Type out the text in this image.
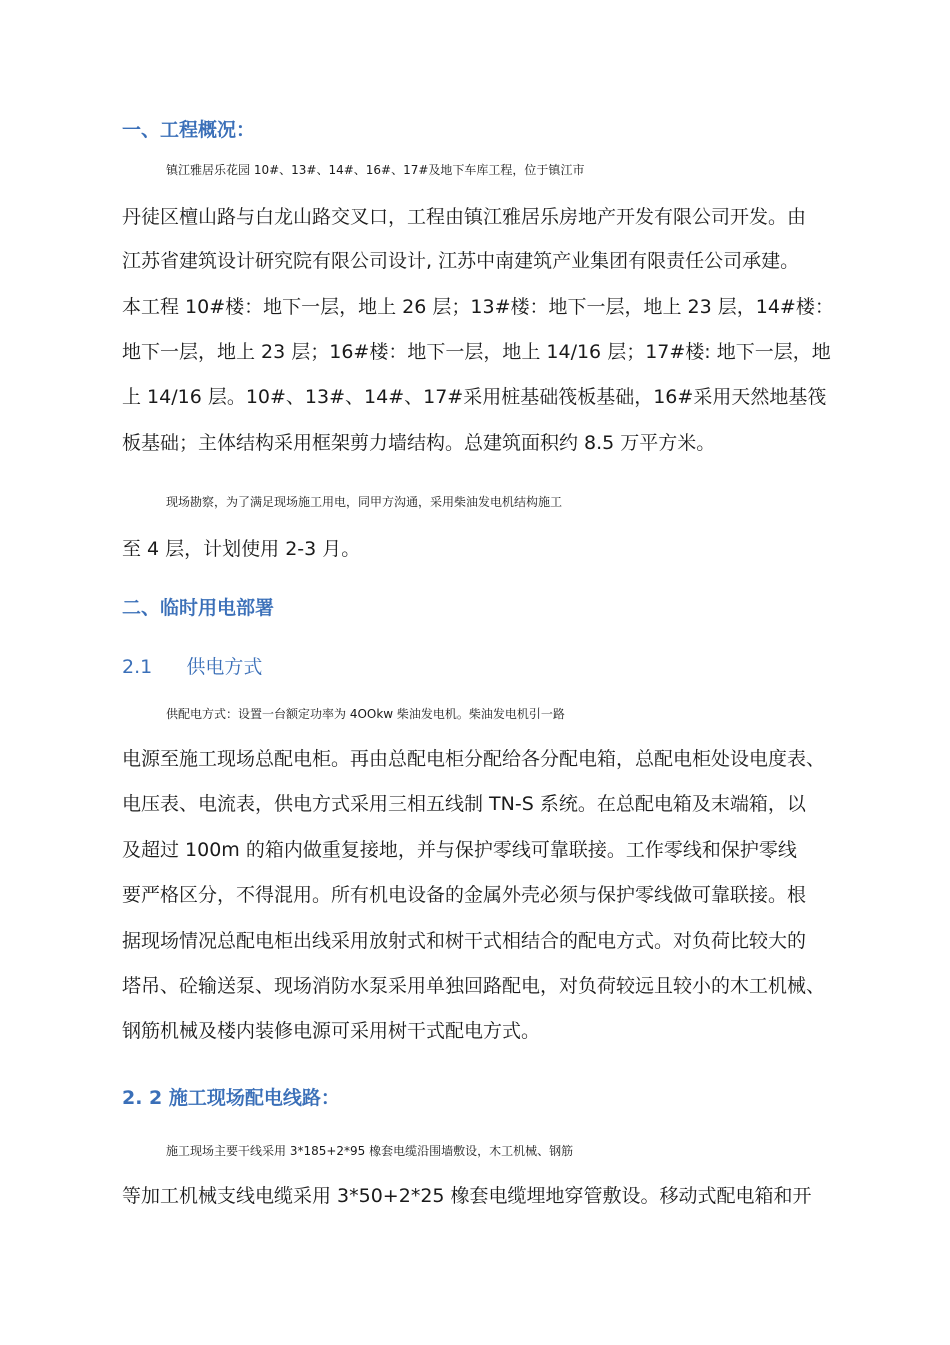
一、工程概况：
镇江雅居乐花园 10#、13#、14#、16#、17#及地下车库工程，位于镇江市
丹徒区檀山路与白龙山路交叉口，工程由镇江雅居乐房地产开发有限公司开发。由
江苏省建筑设计研究院有限公司设计, 江苏中南建筑产业集团有限责任公司承建。
本工程 10#楼：地下一层，地上 26 层；13#楼：地下一层，地上 23 层，14#楼：
地下一层，地上 23 层；16#楼：地下一层，地上 14/16 层；17#楼: 地下一层，地
上 14/16 层。10#、13#、14#、17#采用桩基础筏板基础，16#采用天然地基筏
板基础；主体结构采用框架剪力墙结构。总建筑面积约 8.5 万平方米。
现场勘察，为了满足现场施工用电，同甲方沟通，采用柴油发电机结构施工
至 4 层，计划使用 2-3 月。
二、临时用电部署
2.1 供电方式
供配电方式：设置一台额定功率为 4OOkw 柴油发电机。柴油发电机引一路
电源至施工现场总配电柜。再由总配电柜分配给各分配电箱，总配电柜处设电度表、
电压表、电流表，供电方式采用三相五线制 TN-S 系统。在总配电箱及末端箱，以
及超过 100m 的箱内做重复接地，并与保护零线可靠联接。工作零线和保护零线
要严格区分，不得混用。所有机电设备的金属外壳必须与保护零线做可靠联接。根
据现场情况总配电柜出线采用放射式和树干式相结合的配电方式。对负荷比较大的
塔吊、砼输送泵、现场消防水泵采用单独回路配电，对负荷较远且较小的木工机械、
钢筋机械及楼内装修电源可采用树干式配电方式。
2. 2 施工现场配电线路：
施工现场主要干线采用 3*185+2*95 橡套电缆沿围墙敷设，木工机械、钢筋
等加工机械支线电缆采用 3*50+2*25 橡套电缆埋地穿管敷设。移动式配电箱和开
